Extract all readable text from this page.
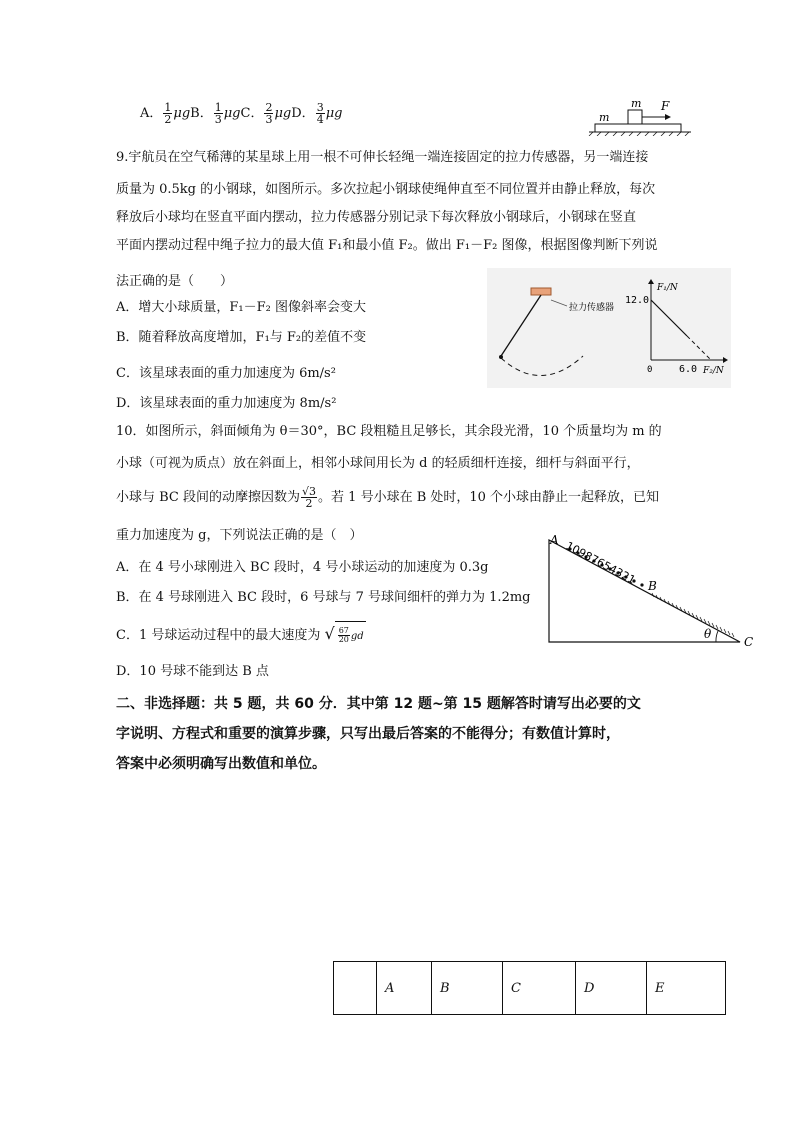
A． $\frac{1}{2}$ μgB． $\frac{1}{3}$ μgC． $\frac{2}{3}$ μgD． $\frac{3}{4}$ μg	m
m F
9.宇航员在空气稀薄的某星球上用一根不可伸长轻绳一端连接固定的拉力传感器，另一端连接
质量为 0.5kg 的小钢球，如图所示。多次拉起小钢球使绳伸直至不同位置并由静止释放，每次
释放后小球均在竖直平面内摆动，拉力传感器分别记录下每次释放小钢球后，小钢球在竖直
平面内摆动过程中绳子拉力的最大值 F₁和最小值 F₂。做出 F₁－F₂ 图像，根据图像判断下列说
法正确的是（　　）
A．增大小球质量，F₁－F₂ 图像斜率会变大
B．随着释放高度增加，F₁与 F₂的差值不变
C．该星球表面的重力加速度为 6m/s²
D．该星球表面的重力加速度为 8m/s²
拉力传感器
F₁/N
F₂/N
12.0
6.0
0
10．如图所示，斜面倾角为 θ＝30°，BC 段粗糙且足够长，其余段光滑，10 个质量均为 m 的
小球（可视为质点）放在斜面上，相邻小球间用长为 d 的轻质细杆连接，细杆与斜面平行，
小球与 BC 段间的动摩擦因数为 $\frac{√3}{2}$ 。若 1 号小球在 B 处时，10 个小球由静止一起释放，已知
重力加速度为 g，下列说法正确的是（　）
A．在 4 号小球刚进入 BC 段时，4 号小球运动的加速度为 0.3g
B．在 4 号球刚进入 BC 段时，6 号球与 7 号球间细杆的弹力为 1.2mg
C．1 号球运动过程中的最大速度为 √ $\frac{67}{20}$ gd
D．10 号球不能到达 B 点
10987654321
A
B
C
θ
二、非选择题：共 5 题，共 60 分．其中第 12 题~第 15 题解答时请写出必要的文
字说明、方程式和重要的演算步骤，只写出最后答案的不能得分；有数值计算时，
答案中必须明确写出数值和单位。
	A	B	C	D	E
